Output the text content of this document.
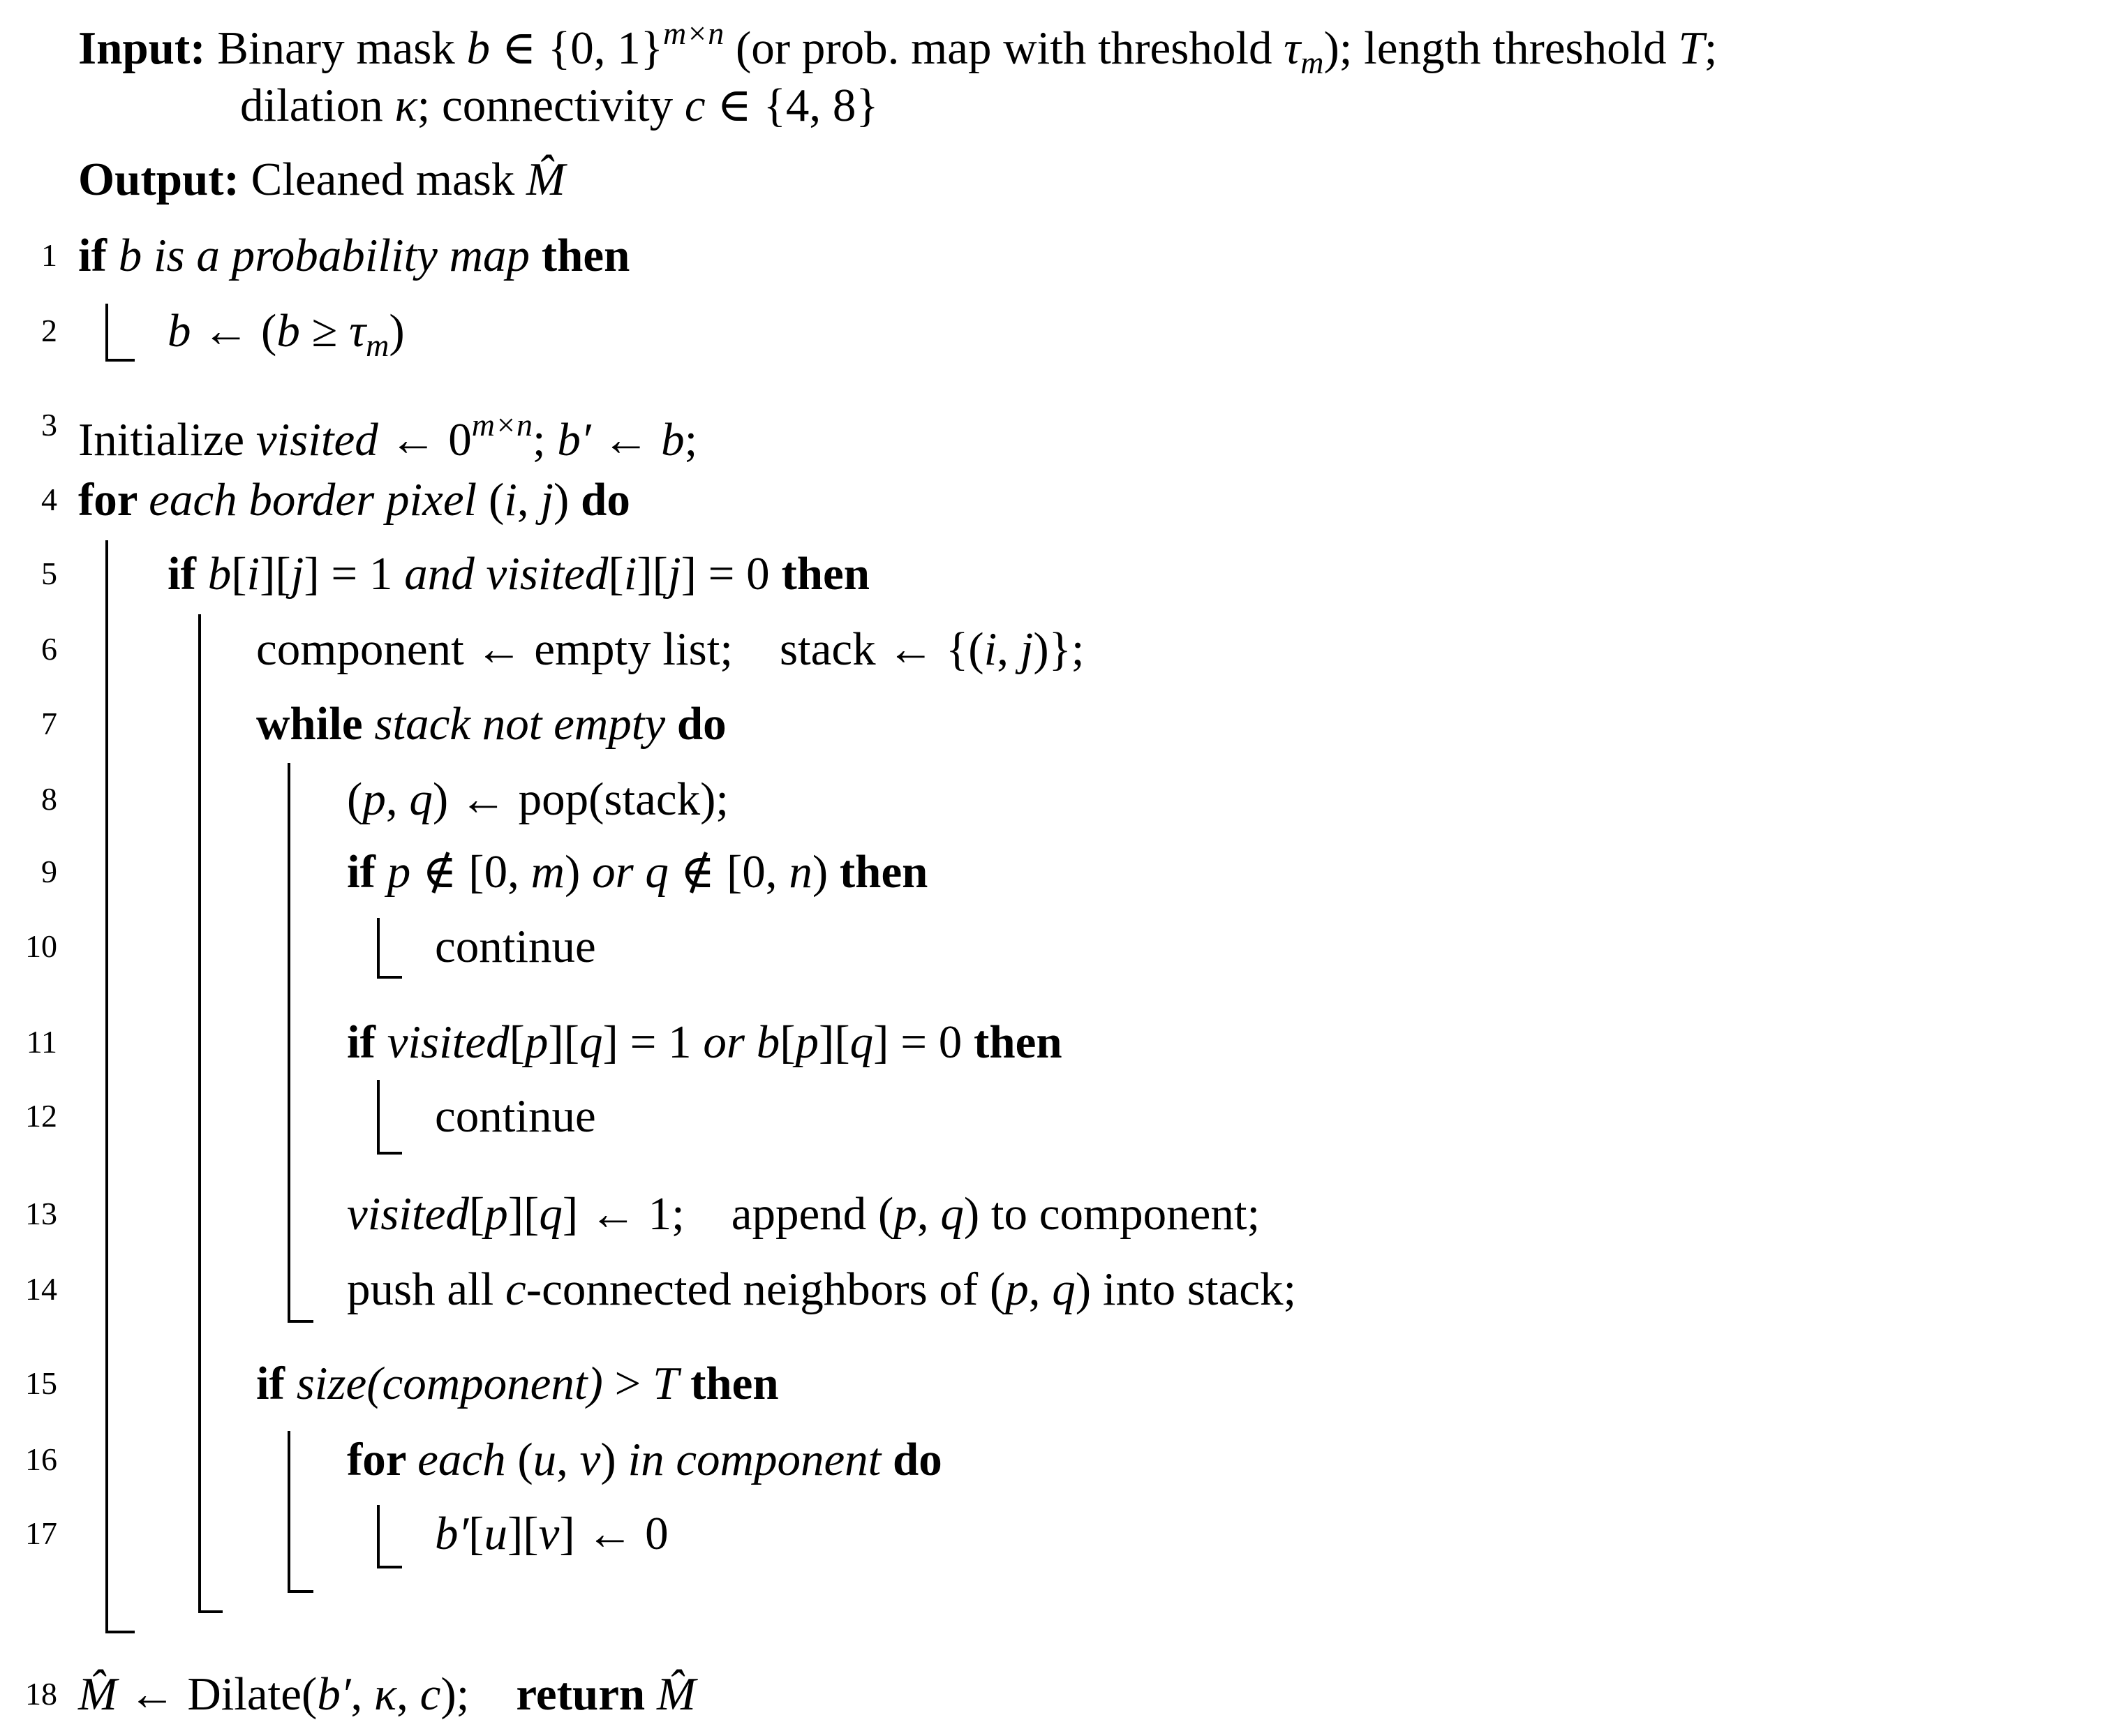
Input: Binary mask b ∈ {0, 1}$^{m\times n}$ (or prob. map with threshold $\tau_m$); length threshold T;
dilation κ; connectivity c ∈ {4, 8}
Output: Cleaned mask M̂
1 if b is a probability map then
2 b ← $(b \ge \tau_m)$
3 Initialize visited ← $0^{m\times n}$; b′ ← b;
4 for each border pixel (i, j) do
5 if b[i][j] = 1 and visited[i][j] = 0 then
6	component ← empty list;    stack ← {(i, j)};
7	while stack not empty do
8	(p, q) ← pop(stack);
9	if p ∉ [0, m) or q ∉ [0, n) then
10	continue
11	if visited[p][q] = 1 or b[p][q] = 0 then
12	continue
13	visited[p][q] ← 1;    append (p, q) to component;
14	push all c-connected neighbors of (p, q) into stack;
15	if size(component) > T then
16	for each (u, v) in component do
17	b′[u][v] ← 0
18 M̂ ← Dilate(b′, κ, c);    return M̂
